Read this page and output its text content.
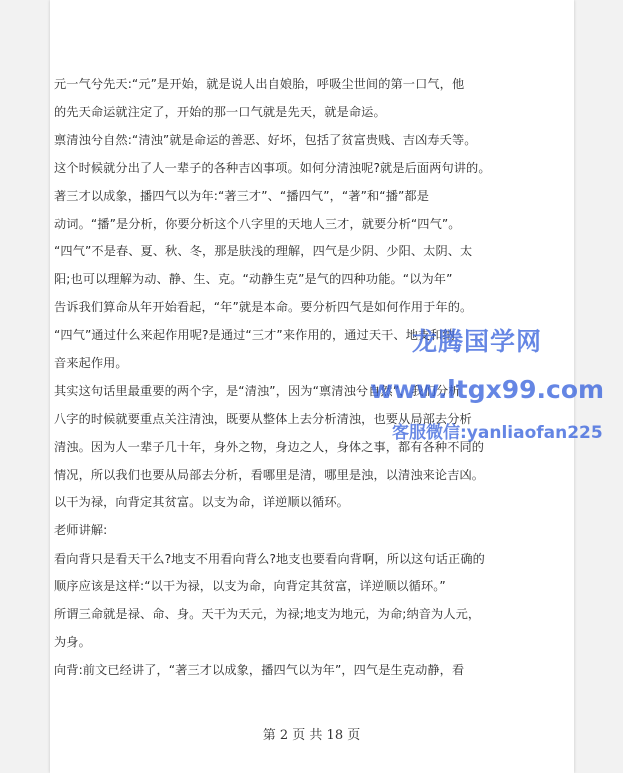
元一气兮先天:“元”是开始，就是说人出自娘胎，呼吸尘世间的第一口气，他
的先天命运就注定了，开始的那一口气就是先天，就是命运。
禀清浊兮自然:“清浊”就是命运的善恶、好坏，包括了贫富贵贱、吉凶寿夭等。
这个时候就分出了人一辈子的各种吉凶事项。如何分清浊呢?就是后面两句讲的。
著三才以成象，播四气以为年:“著三才”、“播四气”，“著”和“播”都是
动词。“播”是分析，你要分析这个八字里的天地人三才，就要分析“四气”。
“四气”不是春、夏、秋、冬，那是肤浅的理解，四气是少阴、少阳、太阴、太
阳;也可以理解为动、静、生、克。“动静生克”是气的四种功能。“以为年”
告诉我们算命从年开始看起，“年”就是本命。要分析四气是如何作用于年的。
“四气”通过什么来起作用呢?是通过“三才”来作用的，通过天干、地支和纳
音来起作用。
其实这句话里最重要的两个字，是“清浊”，因为“禀清浊兮自然”，我们分析
八字的时候就要重点关注清浊，既要从整体上去分析清浊，也要从局部去分析
清浊。因为人一辈子几十年，身外之物，身边之人，身体之事，都有各种不同的
情况，所以我们也要从局部去分析，看哪里是清，哪里是浊，以清浊来论吉凶。
以干为禄，向背定其贫富。以支为命，详逆顺以循环。
老师讲解:
看向背只是看天干么?地支不用看向背么?地支也要看向背啊，所以这句话正确的
顺序应该是这样:“以干为禄，以支为命，向背定其贫富，详逆顺以循环。”
所谓三命就是禄、命、身。天干为天元，为禄;地支为地元，为命;纳音为人元，
为身。
向背:前文已经讲了，“著三才以成象，播四气以为年”，四气是生克动静，看
龙腾国学网
www.ltgx99.com
客服微信:yanliaofan225
第 2 页 共 18 页
